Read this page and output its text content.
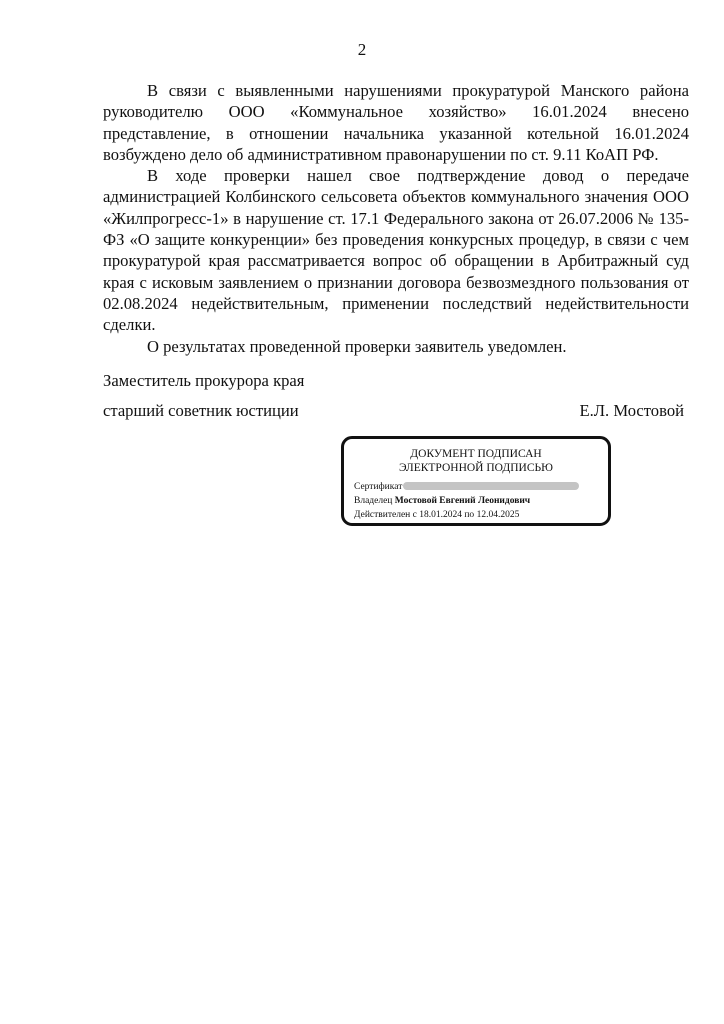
2

В связи с выявленными нарушениями прокуратурой Манского района руководителю ООО «Коммунальное хозяйство» 16.01.2024 внесено представление, в отношении начальника указанной котельной 16.01.2024 возбуждено дело об административном правонарушении по ст. 9.11 КоАП РФ.

В ходе проверки нашел свое подтверждение довод о передаче администрацией Колбинского сельсовета объектов коммунального значения ООО «Жилпрогресс-1» в нарушение ст. 17.1 Федерального закона от 26.07.2006 № 135-ФЗ «О защите конкуренции» без проведения конкурсных процедур, в связи с чем прокуратурой края рассматривается вопрос об обращении в Арбитражный суд края с исковым заявлением о признании договора безвозмездного пользования от 02.08.2024 недействительным, применении последствий недействительности сделки.

О результатах проведенной проверки заявитель уведомлен.

Заместитель прокурора края
старший советник юстиции	Е.Л. Мостовой
ДОКУМЕНТ ПОДПИСАН
ЭЛЕКТРОННОЙ ПОДПИСЬЮ
Сертификат
Владелец Мостовой Евгений Леонидович
Действителен с 18.01.2024 по 12.04.2025
